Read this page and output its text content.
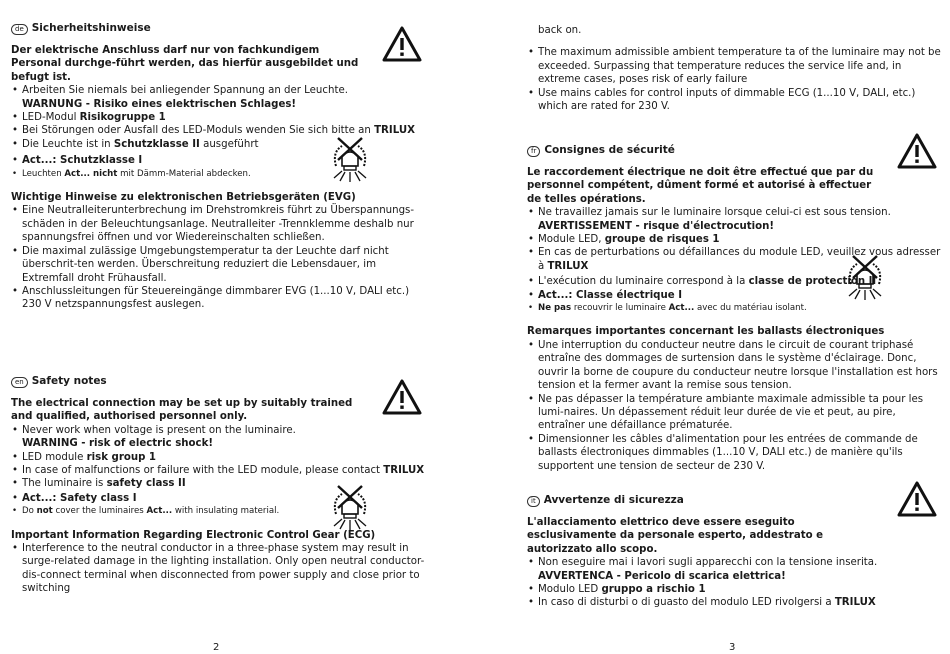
de Sicherheitshinweise
Der elektrische Anschluss darf nur von fachkundigem Personal durchge-führt werden, das hierfür ausgebildet und befugt ist.
• Arbeiten Sie niemals bei anliegender Spannung an der Leuchte.
WARNUNG - Risiko eines elektrischen Schlages!
• LED-Modul Risikogruppe 1
• Bei Störungen oder Ausfall des LED-Moduls wenden Sie sich bitte an TRILUX
• Die Leuchte ist in Schutzklasse II ausgeführt
• Act...: Schutzklasse I
• Leuchten Act... nicht mit Dämm-Material abdecken.
Wichtige Hinweise zu elektronischen Betriebsgeräten (EVG)
• Eine Neutralleiterunterbrechung im Drehstromkreis führt zu Überspannungs-schäden in der Beleuchtungsanlage. Neutralleiter -Trennklemme deshalb nur spannungsfrei öffnen und vor Wiedereinschalten schließen.
• Die maximal zulässige Umgebungstemperatur ta der Leuchte darf nicht überschrit-ten werden. Überschreitung reduziert die Lebensdauer, im Extremfall droht Frühausfall.
• Anschlussleitungen für Steuereingänge dimmbarer EVG (1...10 V, DALI etc.) 230 V netzspannungsfest auslegen.
en Safety notes
The electrical connection may be set up by suitably trained and qualified, authorised personnel only.
• Never work when voltage is present on the luminaire.
WARNING - risk of electric shock!
• LED module risk group 1
• In case of malfunctions or failure with the LED module, please contact TRILUX
• The luminaire is safety class II
• Act...: Safety class I
• Do not cover the luminaires Act... with insulating material.
Important Information Regarding Electronic Control Gear (ECG)
• Interference to the neutral conductor in a three-phase system may result in surge-related damage in the lighting installation. Only open neutral conductor-dis-connect terminal when disconnected from power supply and close prior to switching
2
back on.
• The maximum admissible ambient temperature ta of the luminaire may not be exceeded. Surpassing that temperature reduces the service life and, in extreme cases, poses risk of early failure
• Use mains cables for control inputs of dimmable ECG (1...10 V, DALI, etc.) which are rated for 230 V.
fr Consignes de sécurité
Le raccordement électrique ne doit être effectué que par du personnel compétent, dûment formé et autorisé à effectuer de telles opérations.
• Ne travaillez jamais sur le luminaire lorsque celui-ci est sous tension.
AVERTISSEMENT - risque d'électrocution!
• Module LED, groupe de risques 1
• En cas de perturbations ou défaillances du module LED, veuillez vous adresser à TRILUX
• L'exécution du luminaire correspond à la classe de protection II
• Act...: Classe électrique I
• Ne pas recouvrir le luminaire Act... avec du matériau isolant.
Remarques importantes concernant les ballasts électroniques
• Une interruption du conducteur neutre dans le circuit de courant triphasé entraîne des dommages de surtension dans le système d'éclairage. Donc, ouvrir la borne de coupure du conducteur neutre lorsque l'installation est hors tension et la fermer avant la remise sous tension.
• Ne pas dépasser la température ambiante maximale admissible ta pour les lumi-naires. Un dépassement réduit leur durée de vie et peut, au pire, entraîner une défaillance prématurée.
• Dimensionner les câbles d'alimentation pour les entrées de commande de ballasts électroniques dimmables (1...10 V, DALI etc.) de manière qu'ils supportent une tension de secteur de 230 V.
it Avvertenze di sicurezza
L'allacciamento elettrico deve essere eseguito esclusivamente da personale esperto, addestrato e autorizzato allo scopo.
• Non eseguire mai i lavori sugli apparecchi con la tensione inserita.
AVVERTENCA - Pericolo di scarica elettrica!
• Modulo LED gruppo a rischio 1
• In caso di disturbi o di guasto del modulo LED rivolgersi a TRILUX
3
